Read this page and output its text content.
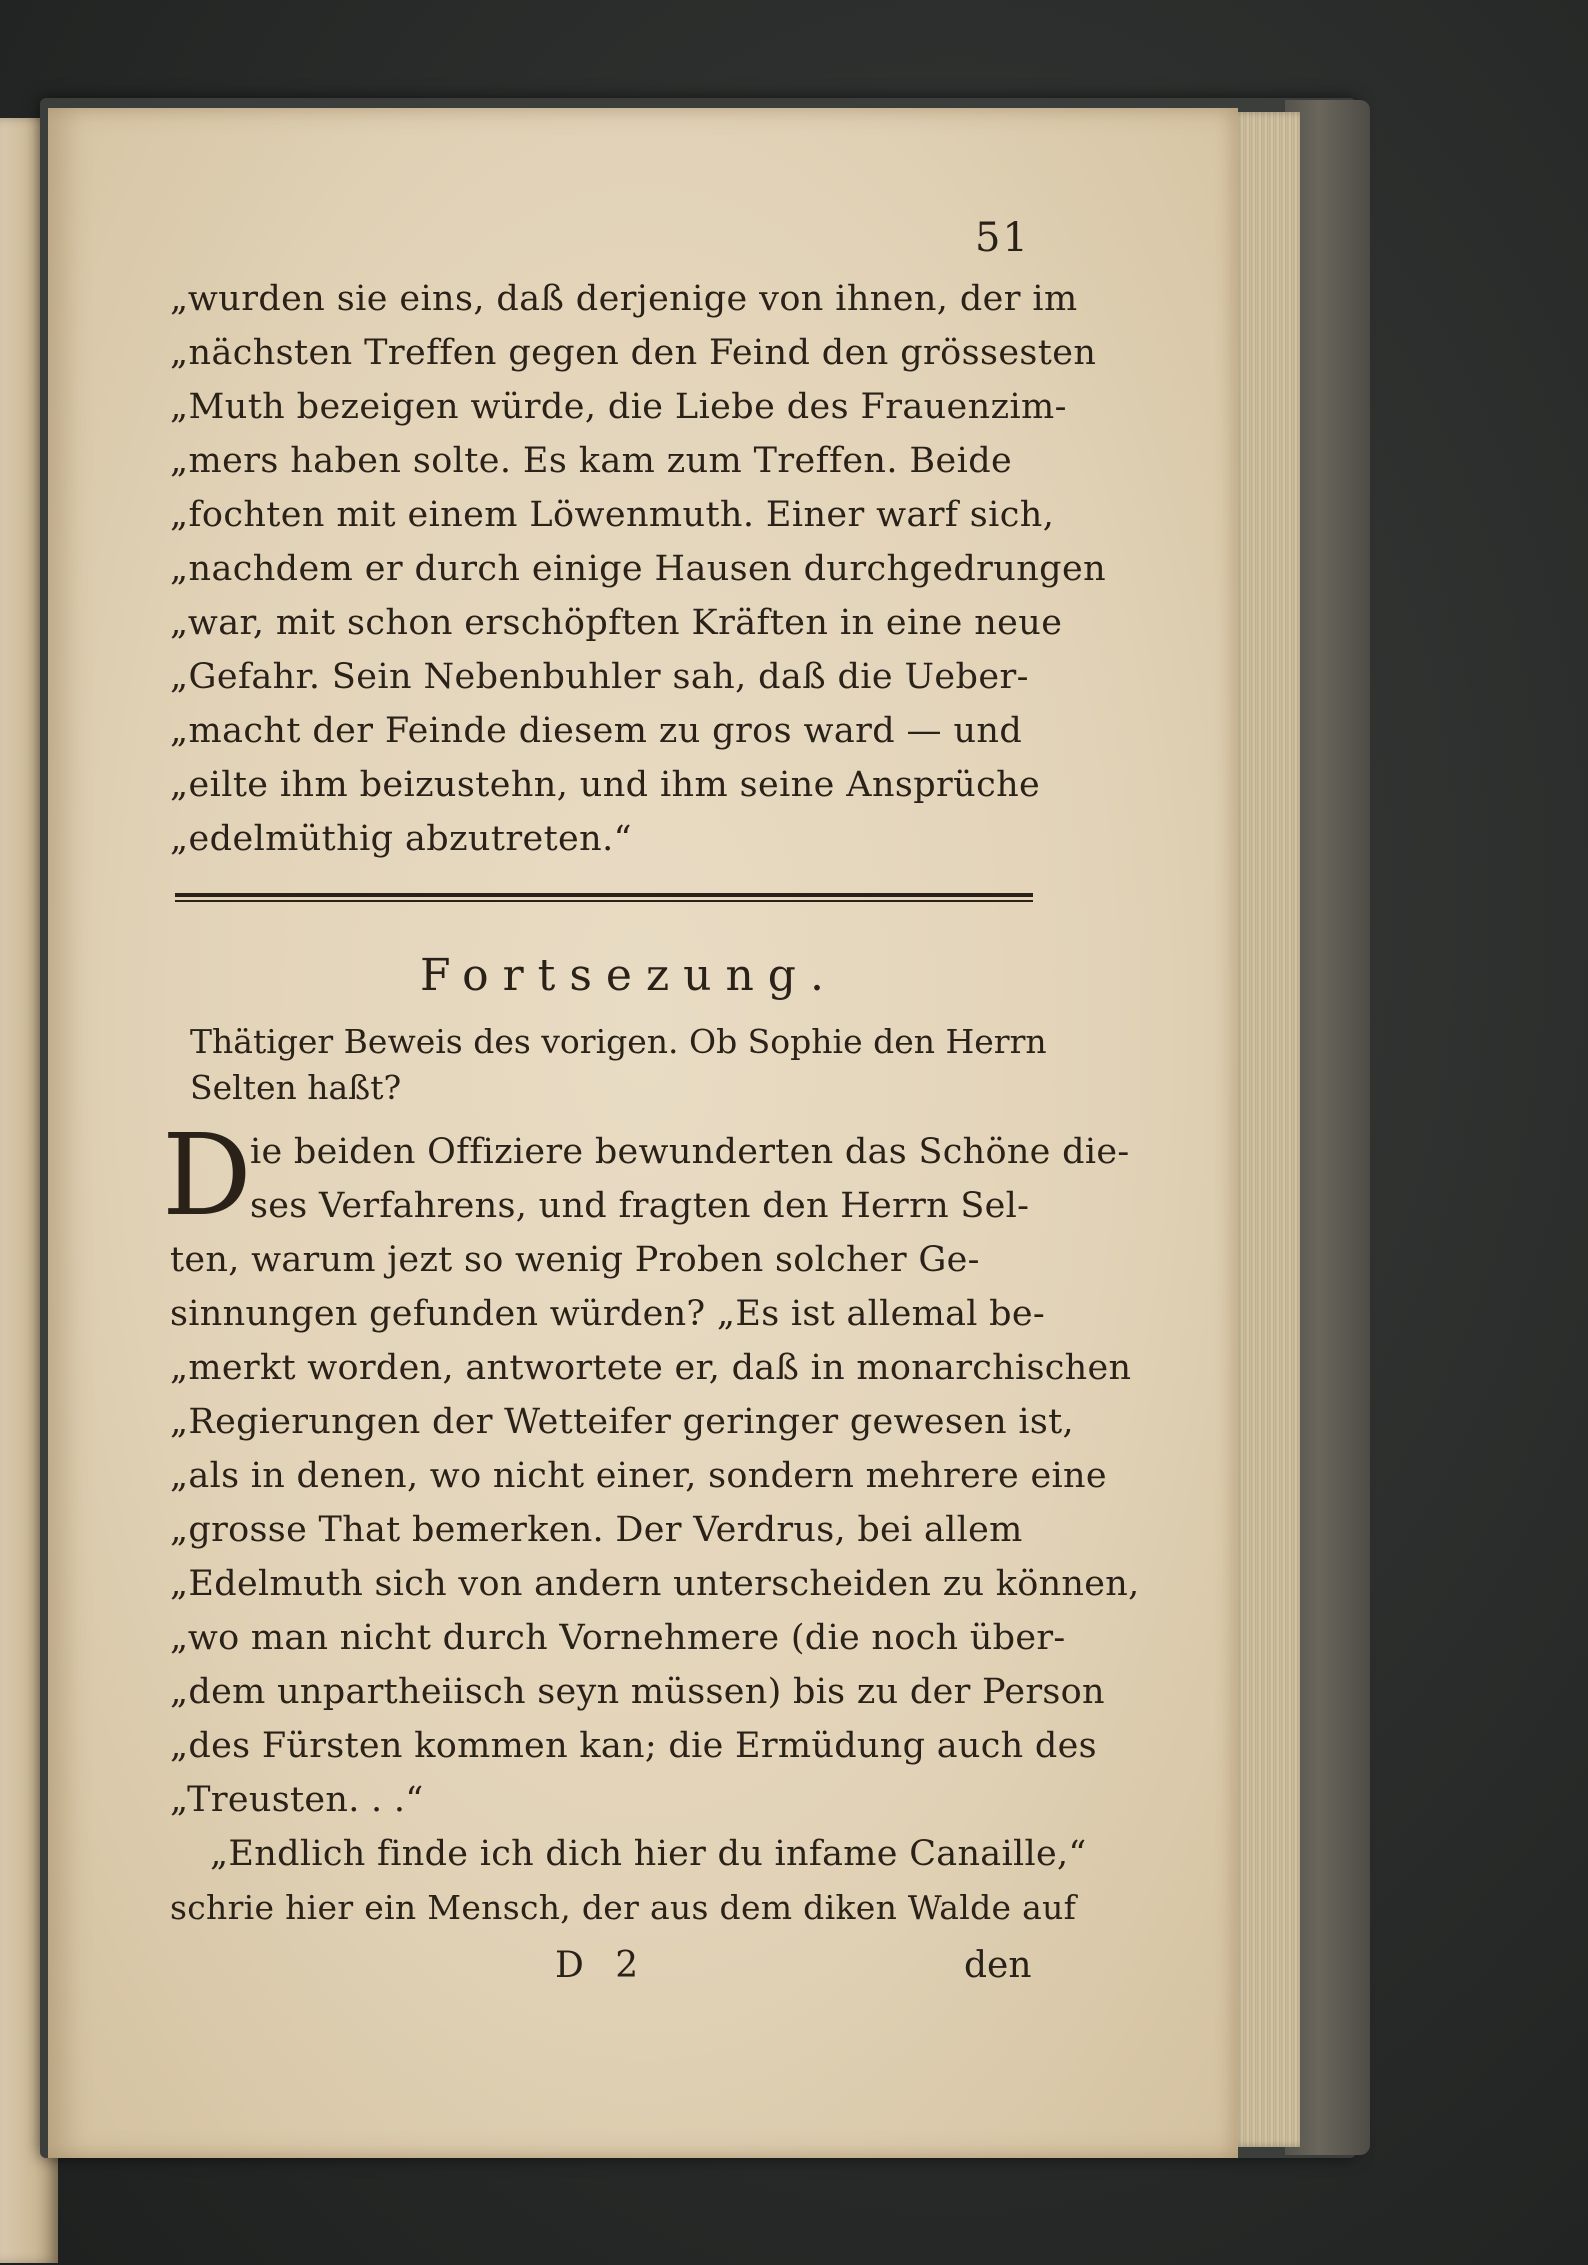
51
„wurden sie eins, daß derjenige von ihnen, der im
„nächsten Treffen gegen den Feind den grössesten
„Muth bezeigen würde, die Liebe des Frauenzim-
„mers haben solte. Es kam zum Treffen. Beide
„fochten mit einem Löwenmuth. Einer warf sich,
„nachdem er durch einige Hausen durchgedrungen
„war, mit schon erschöpften Kräften in eine neue
„Gefahr. Sein Nebenbuhler sah, daß die Ueber-
„macht der Feinde diesem zu gros ward — und
„eilte ihm beizustehn, und ihm seine Ansprüche
„edelmüthig abzutreten.“
Fortsezung.
Thätiger Beweis des vorigen. Ob Sophie den Herrn
Selten haßt?
D
ie beiden Offiziere bewunderten das Schöne die-
ses Verfahrens, und fragten den Herrn Sel-
ten, warum jezt so wenig Proben solcher Ge-
sinnungen gefunden würden? „Es ist allemal be-
„merkt worden, antwortete er, daß in monarchischen
„Regierungen der Wetteifer geringer gewesen ist,
„als in denen, wo nicht einer, sondern mehrere eine
„grosse That bemerken. Der Verdrus, bei allem
„Edelmuth sich von andern unterscheiden zu können,
„wo man nicht durch Vornehmere (die noch über-
„dem unpartheiisch seyn müssen) bis zu der Person
„des Fürsten kommen kan; die Ermüdung auch des
„Treusten. . .“
„Endlich finde ich dich hier du infame Canaille,“
schrie hier ein Mensch, der aus dem diken Walde auf
D 2	den
